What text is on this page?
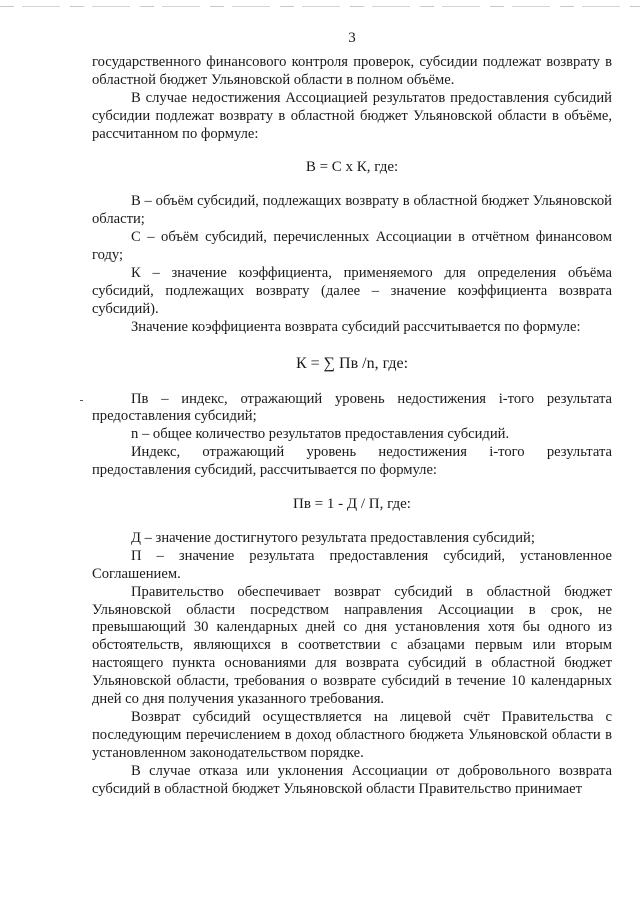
3

государственного финансового контроля проверок, субсидии подлежат возврату в областной бюджет Ульяновской области в полном объёме.

В случае недостижения Ассоциацией результатов предоставления субсидий субсидии подлежат возврату в областной бюджет Ульяновской области в объёме, рассчитанном по формуле:

В = С х К, где:

В – объём субсидий, подлежащих возврату в областной бюджет Ульяновской области;

С – объём субсидий, перечисленных Ассоциации в отчётном финансовом году;

К – значение коэффициента, применяемого для определения объёма субсидий, подлежащих возврату (далее – значение коэффициента возврата субсидий).

Значение коэффициента возврата субсидий рассчитывается по формуле:

К = ∑ Пв /n, где:

Пв – индекс, отражающий уровень недостижения i-того результата предоставления субсидий;

n – общее количество результатов предоставления субсидий.

Индекс, отражающий уровень недостижения i-того результата предоставления субсидий, рассчитывается по формуле:

Пв = 1 - Д / П, где:

Д – значение достигнутого результата предоставления субсидий;

П – значение результата предоставления субсидий, установленное Соглашением.

Правительство обеспечивает возврат субсидий в областной бюджет Ульяновской области посредством направления Ассоциации в срок, не превышающий 30 календарных дней со дня установления хотя бы одного из обстоятельств, являющихся в соответствии с абзацами первым или вторым настоящего пункта основаниями для возврата субсидий в областной бюджет Ульяновской области, требования о возврате субсидий в течение 10 календарных дней со дня получения указанного требования.

Возврат субсидий осуществляется на лицевой счёт Правительства с последующим перечислением в доход областного бюджета Ульяновской области в установленном законодательством порядке.

В случае отказа или уклонения Ассоциации от добровольного возврата субсидий в областной бюджет Ульяновской области Правительство принимает
